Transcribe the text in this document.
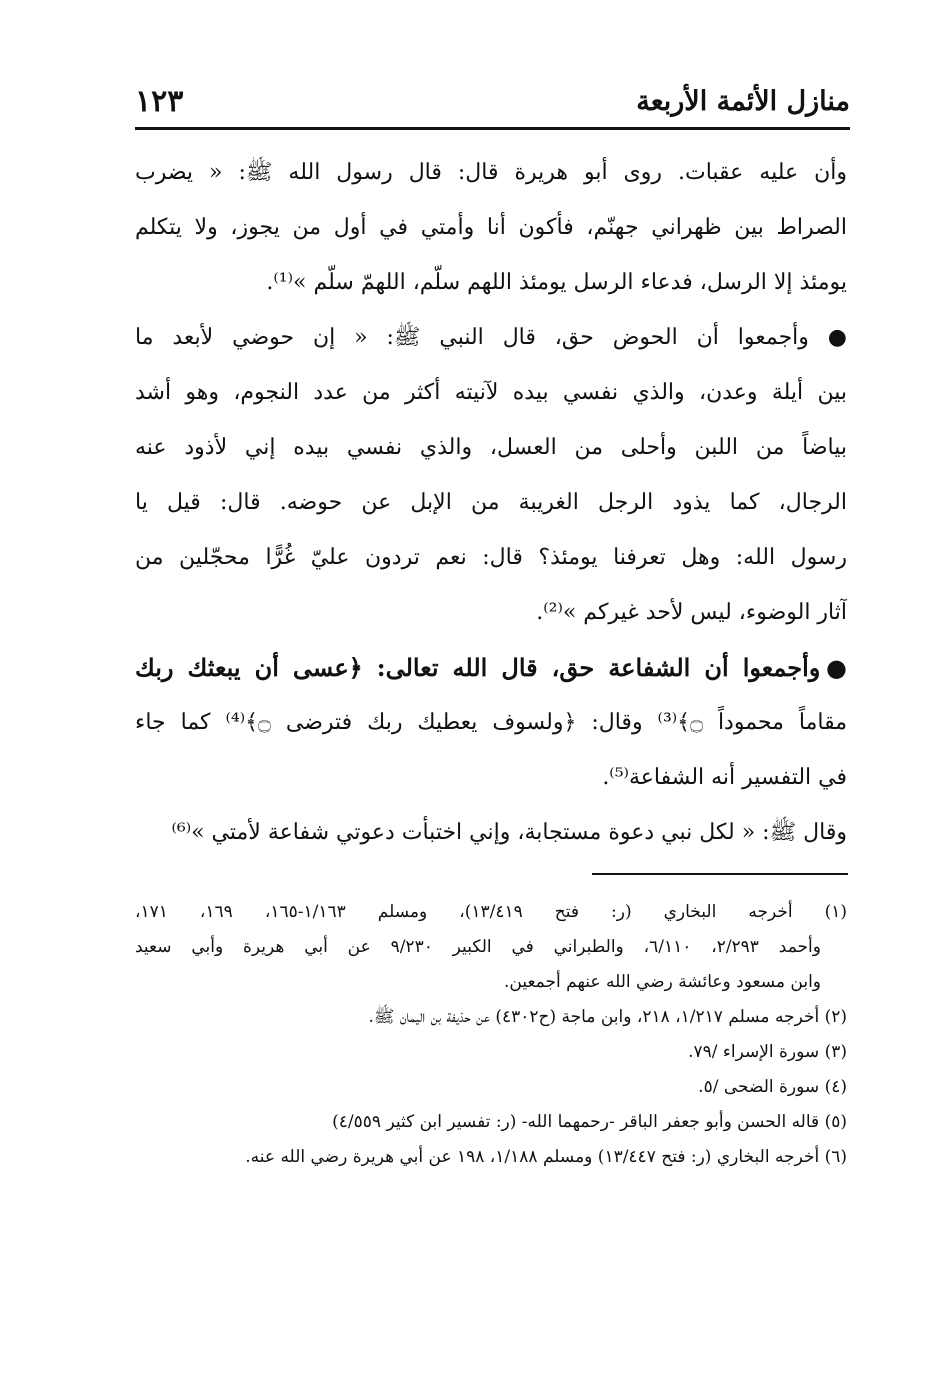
منازل الأئمة الأربعة
١٢٣
وأن عليه عقبات. روى أبو هريرة قال: قال رسول الله ﷺ: « يضرب
الصراط بين ظهراني جهنّم، فأكون أنا وأمتي في أول من يجوز، ولا يتكلم
يومئذ إلا الرسل، فدعاء الرسل يومئذ اللهم سلّم، اللهمّ سلّم »⁽¹⁾.
● وأجمعوا أن الحوض حق، قال النبي ﷺ: « إن حوضي لأبعد ما
بين أيلة وعدن، والذي نفسي بيده لآنيته أكثر من عدد النجوم، وهو أشد
بياضاً من اللبن وأحلى من العسل، والذي نفسي بيده إني لأذود عنه
الرجال، كما يذود الرجل الغريبة من الإبل عن حوضه. قال: قيل يا
رسول الله: وهل تعرفنا يومئذ؟ قال: نعم تردون عليّ غُرًّا محجّلين من
آثار الوضوء، ليس لأحد غيركم »⁽²⁾.
●وأجمعوا أن الشفاعة حق، قال الله تعالى: ﴿عسى أن يبعثك ربك
مقاماً محموداً ۝﴾⁽³⁾ وقال: ﴿ولسوف يعطيك ربك فترضى ۝﴾⁽⁴⁾ كما جاء
في التفسير أنه الشفاعة⁽⁵⁾.
وقال ﷺ: « لكل نبي دعوة مستجابة، وإني اختبأت دعوتي شفاعة لأمتي »⁽⁶⁾
(١) أخرجه البخاري (ر: فتح ١٣/٤١٩)، ومسلم ١/١٦٣-١٦٥، ١٦٩، ١٧١،
وأحمد ٢/٢٩٣، ٦/١١٠، والطبراني في الكبير ٩/٢٣٠ عن أبي هريرة وأبي سعيد
وابن مسعود وعائشة رضي الله عنهم أجمعين.
(٢) أخرجه مسلم ١/٢١٧، ٢١٨، وابن ماجة (ح٤٣٠٢) عن حذيفة بن اليمان ﷺ.
(٣) سورة الإسراء /٧٩.
(٤) سورة الضحى /٥.
(٥) قاله الحسن وأبو جعفر الباقر -رحمهما الله- (ر: تفسير ابن كثير ٤/٥٥٩)
(٦) أخرجه البخاري (ر: فتح ١٣/٤٤٧) ومسلم ١/١٨٨، ١٩٨ عن أبي هريرة رضي الله عنه.
